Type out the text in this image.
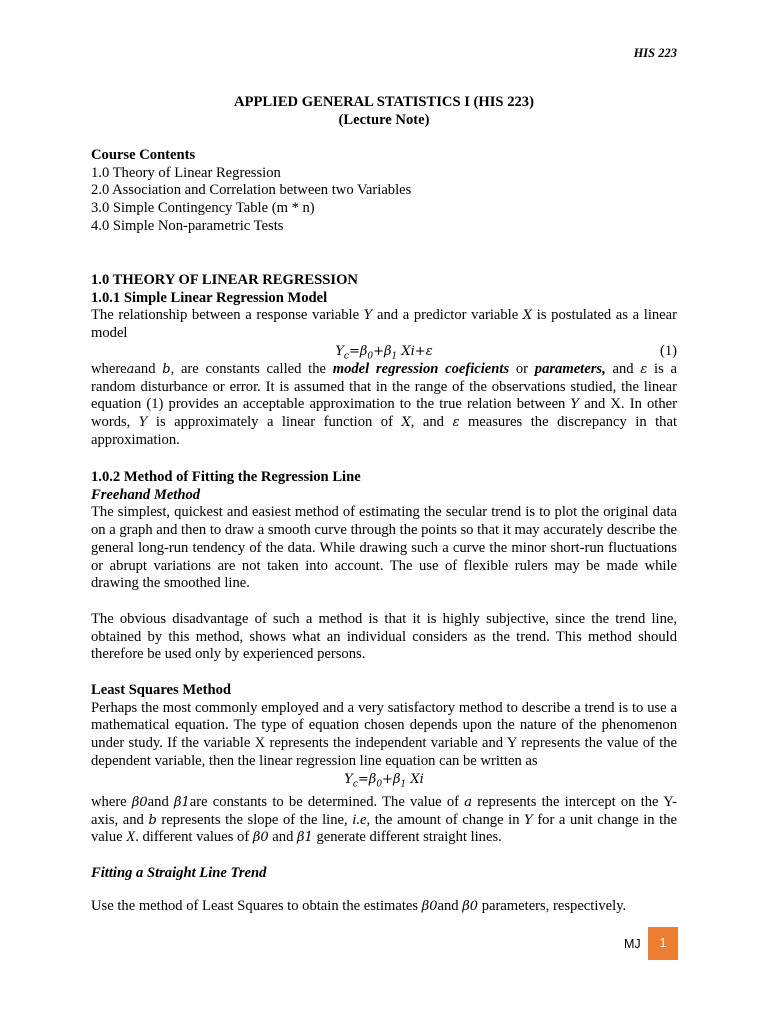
HIS 223
APPLIED GENERAL STATISTICS I (HIS 223)
(Lecture Note)
Course Contents
1.0 Theory of Linear Regression
2.0 Association and Correlation between two Variables
3.0 Simple Contingency Table (m * n)
4.0 Simple Non-parametric Tests
1.0 THEORY OF LINEAR REGRESSION
1.0.1 Simple Linear Regression Model

The relationship between a response variable Y and a predictor variable X is postulated as a linear model

$Y_c=\beta_0+\beta_1$ Xi+ε	(1)

whereaand b, are constants called the model regression coeficients or parameters, and ε is a random disturbance or error. It is assumed that in the range of the observations studied, the linear equation (1) provides an acceptable approximation to the true relation between Y and X. In other words, Y is approximately a linear function of X, and ε measures the discrepancy in that approximation.

1.0.2 Method of Fitting the Regression Line
Freehand Method

The simplest, quickest and easiest method of estimating the secular trend is to plot the original data on a graph and then to draw a smooth curve through the points so that it may accurately describe the general long-run tendency of the data. While drawing such a curve the minor short-run fluctuations or abrupt variations are not taken into account. The use of flexible rulers may be made while drawing the smoothed line.

The obvious disadvantage of such a method is that it is highly subjective, since the trend line, obtained by this method, shows what an individual considers as the trend. This method should therefore be used only by experienced persons.

Least Squares Method

Perhaps the most commonly employed and a very satisfactory method to describe a trend is to use a mathematical equation. The type of equation chosen depends upon the nature of the phenomenon under study. If the variable X represents the independent variable and Y represents the value of the dependent variable, then the linear regression line equation can be written as

$Y_c=\beta_0+\beta_1$ Xi

where β0and β1are constants to be determined. The value of a represents the intercept on the Y-axis, and b represents the slope of the line, i.e, the amount of change in Y for a unit change in the value X. different values of β0 and β1 generate different straight lines.

Fitting a Straight Line Trend

Use the method of Least Squares to obtain the estimates β0and β0 parameters, respectively.

MJ	1
